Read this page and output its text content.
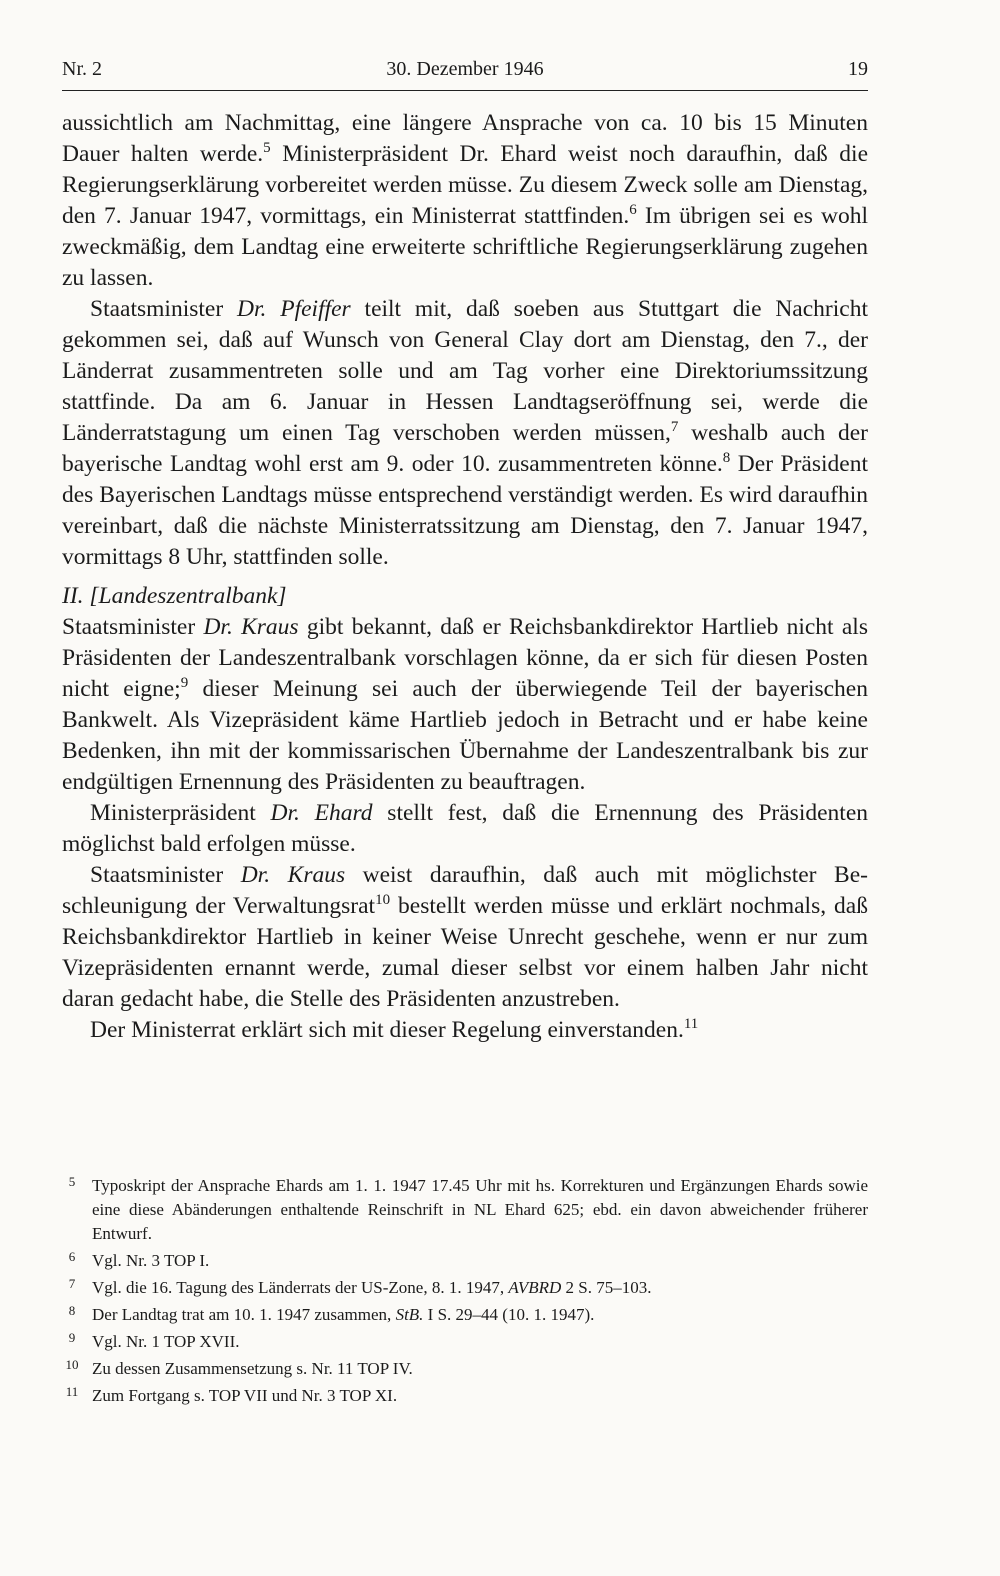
Nr. 2	30. Dezember 1946	19

aussichtlich am Nachmittag, eine längere Ansprache von ca. 10 bis 15 Minuten Dauer halten werde.$^5$ Ministerpräsident Dr. Ehard weist noch daraufhin, daß die Regierungserklärung vorbereitet werden müsse. Zu diesem Zweck solle am Dienstag, den 7. Januar 1947, vormittags, ein Ministerrat stattfinden.$^6$ Im übrigen sei es wohl zweckmäßig, dem Landtag eine erweiterte schriftliche Regierungserklärung zugehen zu lassen.

Staatsminister Dr. Pfeiffer teilt mit, daß soeben aus Stuttgart die Nachricht gekommen sei, daß auf Wunsch von General Clay dort am Dienstag, den 7., der Länderrat zusammentreten solle und am Tag vorher eine Direktoriumssitzung stattfinde. Da am 6. Januar in Hessen Landtagseröffnung sei, werde die Länderratstagung um einen Tag verschoben werden müssen,$^7$ weshalb auch der bayerische Landtag wohl erst am 9. oder 10. zusammentreten könne.$^8$ Der Präsident des Bayerischen Landtags müsse entsprechend verständigt werden. Es wird daraufhin vereinbart, daß die nächste Ministerratssitzung am Dienstag, den 7. Januar 1947, vormittags 8 Uhr, stattfinden solle.

II. [Landeszentralbank]

Staatsminister Dr. Kraus gibt bekannt, daß er Reichsbankdirektor Hartlieb nicht als Präsidenten der Landeszentralbank vorschlagen könne, da er sich für diesen Posten nicht eigne;$^9$ dieser Meinung sei auch der überwiegende Teil der bayerischen Bankwelt. Als Vizepräsident käme Hartlieb jedoch in Betracht und er habe keine Bedenken, ihn mit der kommissarischen Übernahme der Landeszentralbank bis zur endgültigen Ernennung des Präsidenten zu beauftragen.

Ministerpräsident Dr. Ehard stellt fest, daß die Ernennung des Präsidenten möglichst bald erfolgen müsse.

Staatsminister Dr. Kraus weist daraufhin, daß auch mit möglichster Beschleunigung der Verwaltungsrat$^{10}$ bestellt werden müsse und erklärt nochmals, daß Reichsbankdirektor Hartlieb in keiner Weise Unrecht geschehe, wenn er nur zum Vizepräsidenten ernannt werde, zumal dieser selbst vor einem halben Jahr nicht daran gedacht habe, die Stelle des Präsidenten anzustreben.

Der Ministerrat erklärt sich mit dieser Regelung einverstanden.$^{11}$

5 Typoskript der Ansprache Ehards am 1. 1. 1947 17.45 Uhr mit hs. Korrekturen und Ergänzungen Ehards sowie eine diese Abänderungen enthaltende Reinschrift in NL Ehard 625; ebd. ein davon abweichender früherer Entwurf.
6 Vgl. Nr. 3 TOP I.
7 Vgl. die 16. Tagung des Länderrats der US-Zone, 8. 1. 1947, AVBRD 2 S. 75–103.
8 Der Landtag trat am 10. 1. 1947 zusammen, StB. I S. 29–44 (10. 1. 1947).
9 Vgl. Nr. 1 TOP XVII.
10 Zu dessen Zusammensetzung s. Nr. 11 TOP IV.
11 Zum Fortgang s. TOP VII und Nr. 3 TOP XI.
